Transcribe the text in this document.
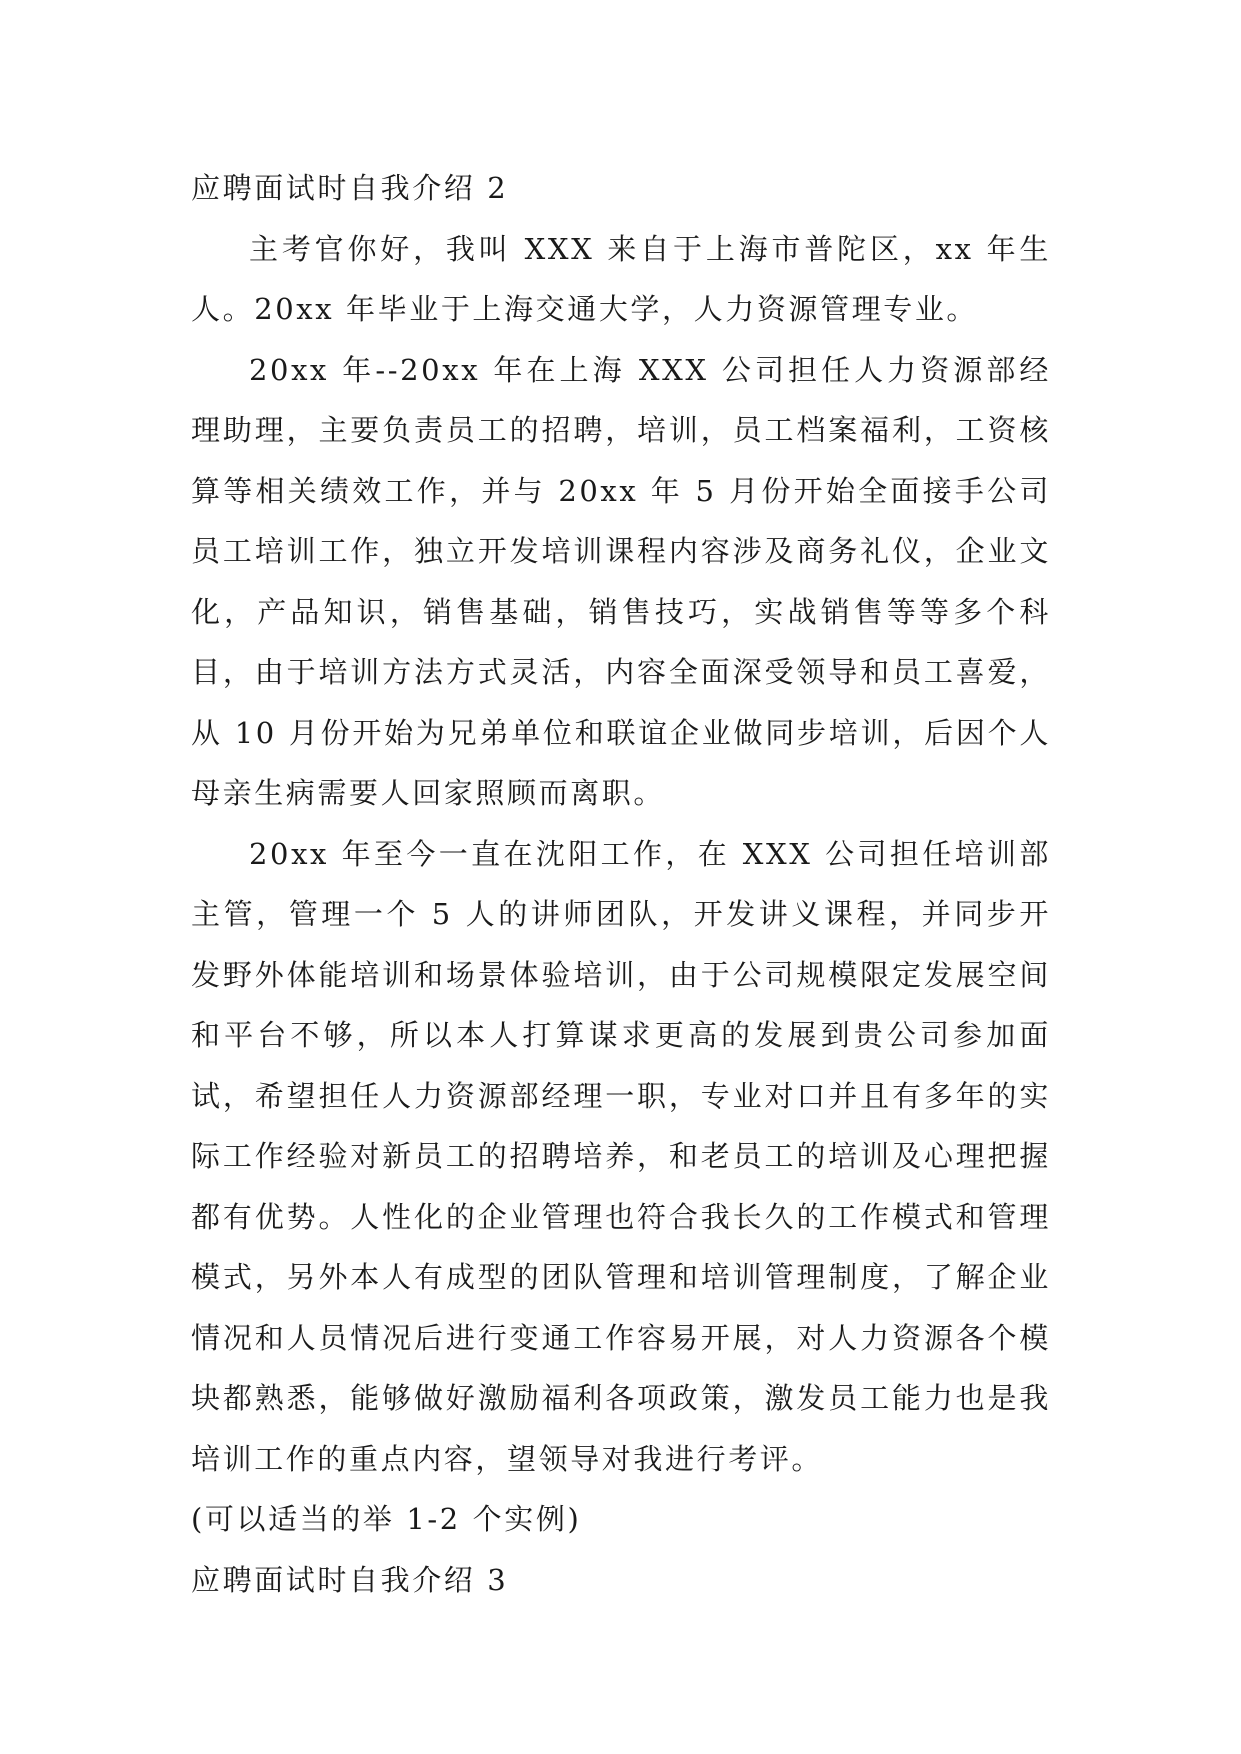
应聘面试时自我介绍 2

主考官你好，我叫 XXX 来自于上海市普陀区，xx 年生人。20xx 年毕业于上海交通大学，人力资源管理专业。

20xx 年--20xx 年在上海 XXX 公司担任人力资源部经理助理，主要负责员工的招聘，培训，员工档案福利，工资核算等相关绩效工作，并与 20xx 年 5 月份开始全面接手公司员工培训工作，独立开发培训课程内容涉及商务礼仪，企业文化，产品知识，销售基础，销售技巧，实战销售等等多个科目，由于培训方法方式灵活，内容全面深受领导和员工喜爱，从 10 月份开始为兄弟单位和联谊企业做同步培训，后因个人母亲生病需要人回家照顾而离职。

20xx 年至今一直在沈阳工作，在 XXX 公司担任培训部主管，管理一个 5 人的讲师团队，开发讲义课程，并同步开发野外体能培训和场景体验培训，由于公司规模限定发展空间和平台不够，所以本人打算谋求更高的发展到贵公司参加面试，希望担任人力资源部经理一职，专业对口并且有多年的实际工作经验对新员工的招聘培养，和老员工的培训及心理把握都有优势。人性化的企业管理也符合我长久的工作模式和管理模式，另外本人有成型的团队管理和培训管理制度，了解企业情况和人员情况后进行变通工作容易开展，对人力资源各个模块都熟悉，能够做好激励福利各项政策，激发员工能力也是我培训工作的重点内容，望领导对我进行考评。

(可以适当的举 1-2 个实例)

应聘面试时自我介绍 3
